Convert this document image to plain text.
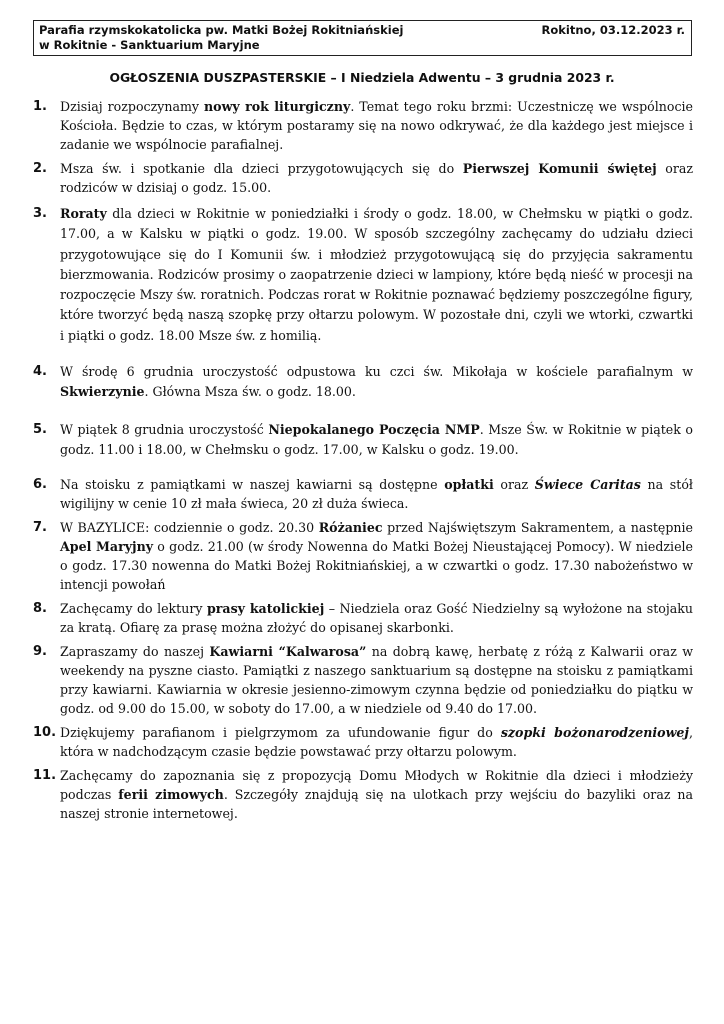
Parafia rzymskokatolicka pw. Matki Bożej Rokitniańskiej
w Rokitnie - Sanktuarium Maryjne
Rokitno, 03.12.2023 r.
OGŁOSZENIA DUSZPASTERSKIE – I Niedziela Adwentu – 3 grudnia 2023 r.
1. Dzisiaj rozpoczynamy nowy rok liturgiczny. Temat tego roku brzmi: Uczestniczę we wspólnocie Kościoła. Będzie to czas, w którym postaramy się na nowo odkrywać, że dla każdego jest miejsce i zadanie we wspólnocie parafialnej.

2. Msza św. i spotkanie dla dzieci przygotowujących się do Pierwszej Komunii świętej oraz rodziców w dzisiaj o godz. 15.00.

3. Roraty dla dzieci w Rokitnie w poniedziałki i środy o godz. 18.00, w Chełmsku w piątki o godz. 17.00, a w Kalsku w piątki o godz. 19.00. W sposób szczególny zachęcamy do udziału dzieci przygotowujące się do I Komunii św. i młodzież przygotowującą się do przyjęcia sakramentu bierzmowania. Rodziców prosimy o zaopatrzenie dzieci w lampiony, które będą nieść w procesji na rozpoczęcie Mszy św. roratnich. Podczas rorat w Rokitnie poznawać będziemy poszczególne figury, które tworzyć będą naszą szopkę przy ołtarzu polowym. W pozostałe dni, czyli we wtorki, czwartki i piątki o godz. 18.00 Msze św. z homilią.

4. W środę 6 grudnia uroczystość odpustowa ku czci św. Mikołaja w kościele parafialnym w Skwierzynie. Główna Msza św. o godz. 18.00.

5. W piątek 8 grudnia uroczystość Niepokalanego Poczęcia NMP. Msze Św. w Rokitnie w piątek o godz. 11.00 i 18.00, w Chełmsku o godz. 17.00, w Kalsku o godz. 19.00.

6. Na stoisku z pamiątkami w naszej kawiarni są dostępne opłatki oraz Świece Caritas na stół wigilijny w cenie 10 zł mała świeca, 20 zł duża świeca.

7. W BAZYLICE: codziennie o godz. 20.30 Różaniec przed Najświętszym Sakramentem, a następnie Apel Maryjny o godz. 21.00 (w środy Nowenna do Matki Bożej Nieustającej Pomocy). W niedziele o godz. 17.30 nowenna do Matki Bożej Rokitniańskiej, a w czwartki o godz. 17.30 nabożeństwo w intencji powołań

8. Zachęcamy do lektury prasy katolickiej – Niedziela oraz Gość Niedzielny są wyłożone na stojaku za kratą. Ofiarę za prasę można złożyć do opisanej skarbonki.

9. Zapraszamy do naszej Kawiarni “Kalwarosa” na dobrą kawę, herbatę z różą z Kalwarii oraz w weekendy na pyszne ciasto. Pamiątki z naszego sanktuarium są dostępne na stoisku z pamiątkami przy kawiarni. Kawiarnia w okresie jesienno-zimowym czynna będzie od poniedziałku do piątku w godz. od 9.00 do 15.00, w soboty do 17.00, a w niedziele od 9.40 do 17.00.

10. Dziękujemy parafianom i pielgrzymom za ufundowanie figur do szopki bożonarodzeniowej, która w nadchodzącym czasie będzie powstawać przy ołtarzu polowym.

11. Zachęcamy do zapoznania się z propozycją Domu Młodych w Rokitnie dla dzieci i młodzieży podczas ferii zimowych. Szczegóły znajdują się na ulotkach przy wejściu do bazyliki oraz na naszej stronie internetowej.
